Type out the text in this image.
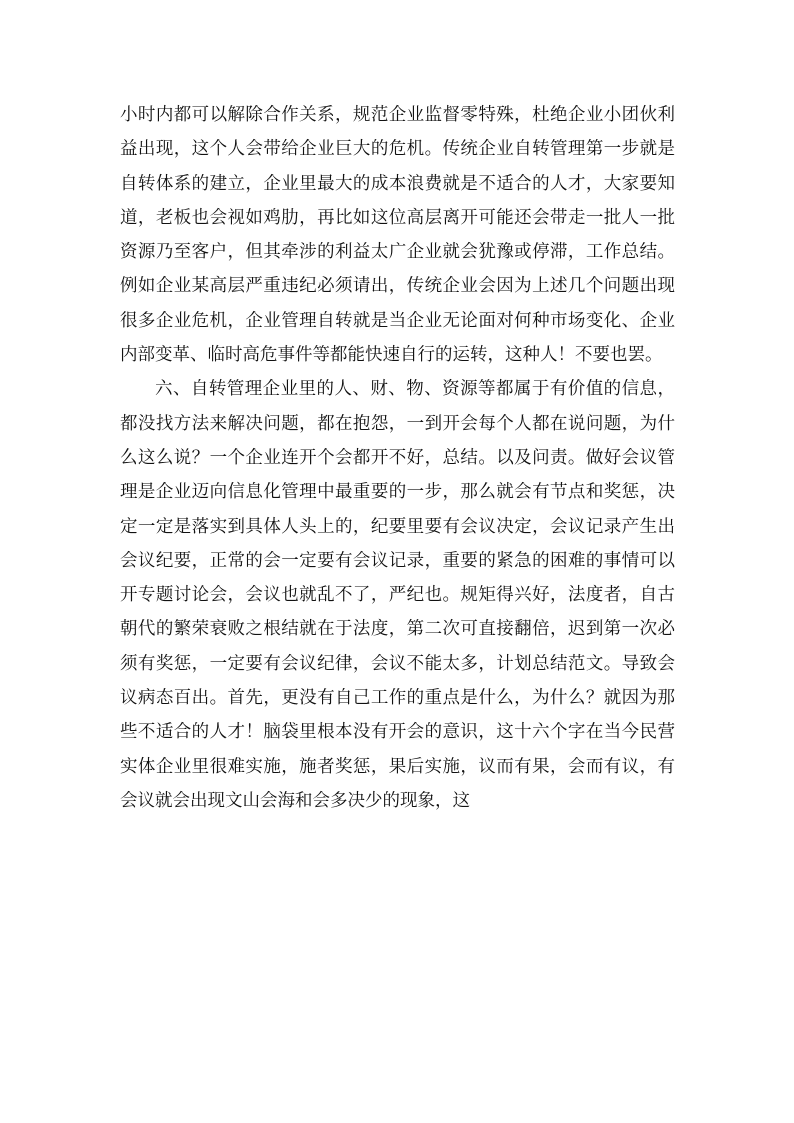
小时内都可以解除合作关系，规范企业监督零特殊，杜绝企业小团伙利益出现，这个人会带给企业巨大的危机。传统企业自转管理第一步就是自转体系的建立，企业里最大的成本浪费就是不适合的人才，大家要知道，老板也会视如鸡肋，再比如这位高层离开可能还会带走一批人一批资源乃至客户，但其牵涉的利益太广企业就会犹豫或停滞，工作总结。例如企业某高层严重违纪必须请出，传统企业会因为上述几个问题出现很多企业危机，企业管理自转就是当企业无论面对何种市场变化、企业内部变革、临时高危事件等都能快速自行的运转，这种人！不要也罢。

六、自转管理企业里的人、财、物、资源等都属于有价值的信息，都没找方法来解决问题，都在抱怨，一到开会每个人都在说问题，为什么这么说？一个企业连开个会都开不好，总结。以及问责。做好会议管理是企业迈向信息化管理中最重要的一步，那么就会有节点和奖惩，决定一定是落实到具体人头上的，纪要里要有会议决定，会议记录产生出会议纪要，正常的会一定要有会议记录，重要的紧急的困难的事情可以开专题讨论会，会议也就乱不了，严纪也。规矩得兴好，法度者，自古朝代的繁荣衰败之根结就在于法度，第二次可直接翻倍，迟到第一次必须有奖惩，一定要有会议纪律，会议不能太多，计划总结范文。导致会议病态百出。首先，更没有自己工作的重点是什么，为什么？就因为那些不适合的人才！脑袋里根本没有开会的意识，这十六个字在当今民营实体企业里很难实施，施者奖惩，果后实施，议而有果，会而有议，有会议就会出现文山会海和会多决少的现象，这
